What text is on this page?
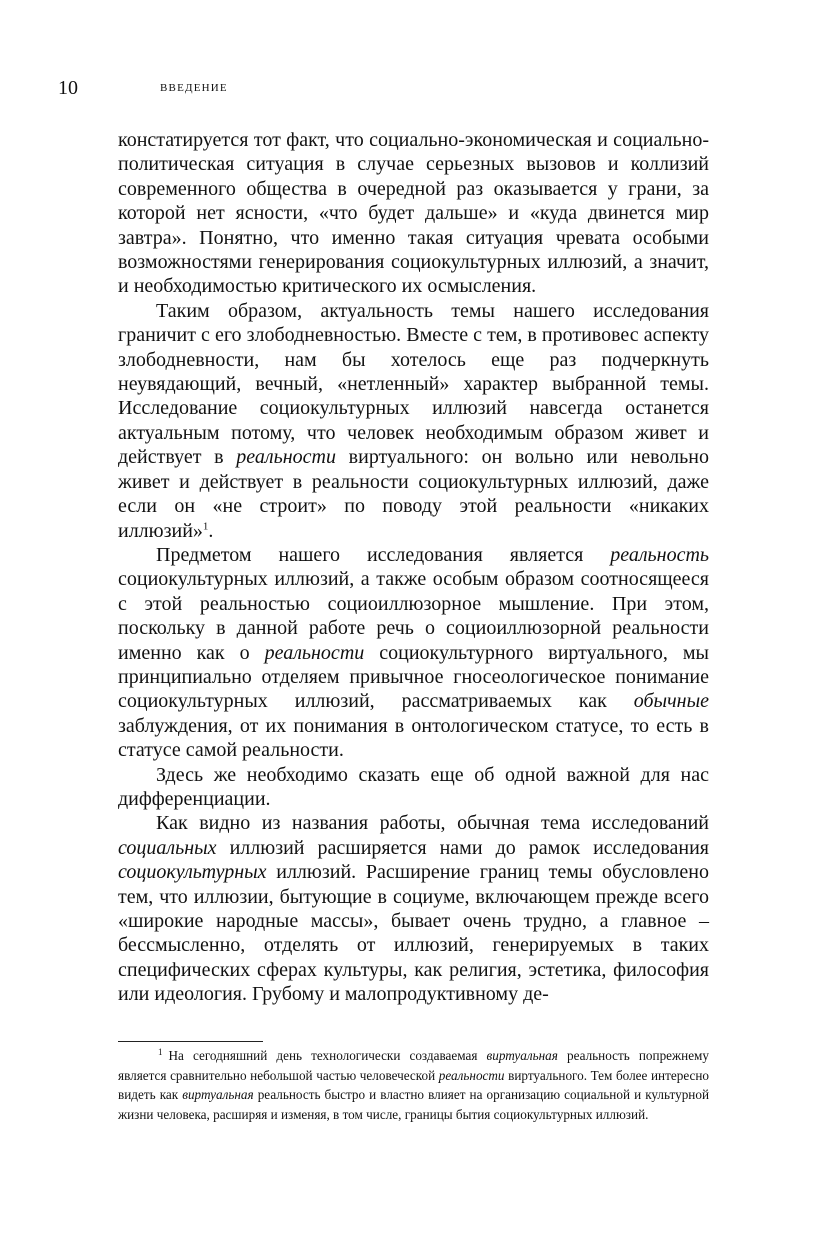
10	ВВЕДЕНИЕ

констатируется тот факт, что социально-экономическая и социально-политическая ситуация в случае серьезных вызовов и коллизий современного общества в очередной раз оказывается у грани, за которой нет ясности, «что будет дальше» и «куда двинется мир завтра». Понятно, что именно такая ситуация чревата особыми возможностями генерирования социокультурных иллюзий, а значит, и необходимостью критического их осмысления.

Таким образом, актуальность темы нашего исследования граничит с его злободневностью. Вместе с тем, в противовес аспекту злободневности, нам бы хотелось еще раз подчеркнуть неувядающий, вечный, «нетленный» характер выбранной темы. Исследование социокультурных иллюзий навсегда останется актуальным потому, что человек необходимым образом живет и действует в реальности виртуального: он вольно или невольно живет и действует в реальности социокультурных иллюзий, даже если он «не строит» по поводу этой реальности «никаких иллюзий»$^1$.

Предметом нашего исследования является реальность социокультурных иллюзий, а также особым образом соотносящееся с этой реальностью социоиллюзорное мышление. При этом, поскольку в данной работе речь о социоиллюзорной реальности именно как о реальности социокультурного виртуального, мы принципиально отделяем привычное гносеологическое понимание социокультурных иллюзий, рассматриваемых как обычные заблуждения, от их понимания в онтологическом статусе, то есть в статусе самой реальности.

Здесь же необходимо сказать еще об одной важной для нас дифференциации.

Как видно из названия работы, обычная тема исследований социальных иллюзий расширяется нами до рамок исследования социокультурных иллюзий. Расширение границ темы обусловлено тем, что иллюзии, бытующие в социуме, включающем прежде всего «широкие народные массы», бывает очень трудно, а главное – бессмысленно, отделять от иллюзий, генерируемых в таких специфических сферах культуры, как религия, эстетика, философия или идеология. Грубому и малопродуктивному де-

$^1$ На сегодняшний день технологически создаваемая виртуальная реальность попрежнему является сравнительно небольшой частью человеческой реальности виртуального. Тем более интересно видеть как виртуальная реальность быстро и властно влияет на организацию социальной и культурной жизни человека, расширяя и изменяя, в том числе, границы бытия социокультурных иллюзий.
